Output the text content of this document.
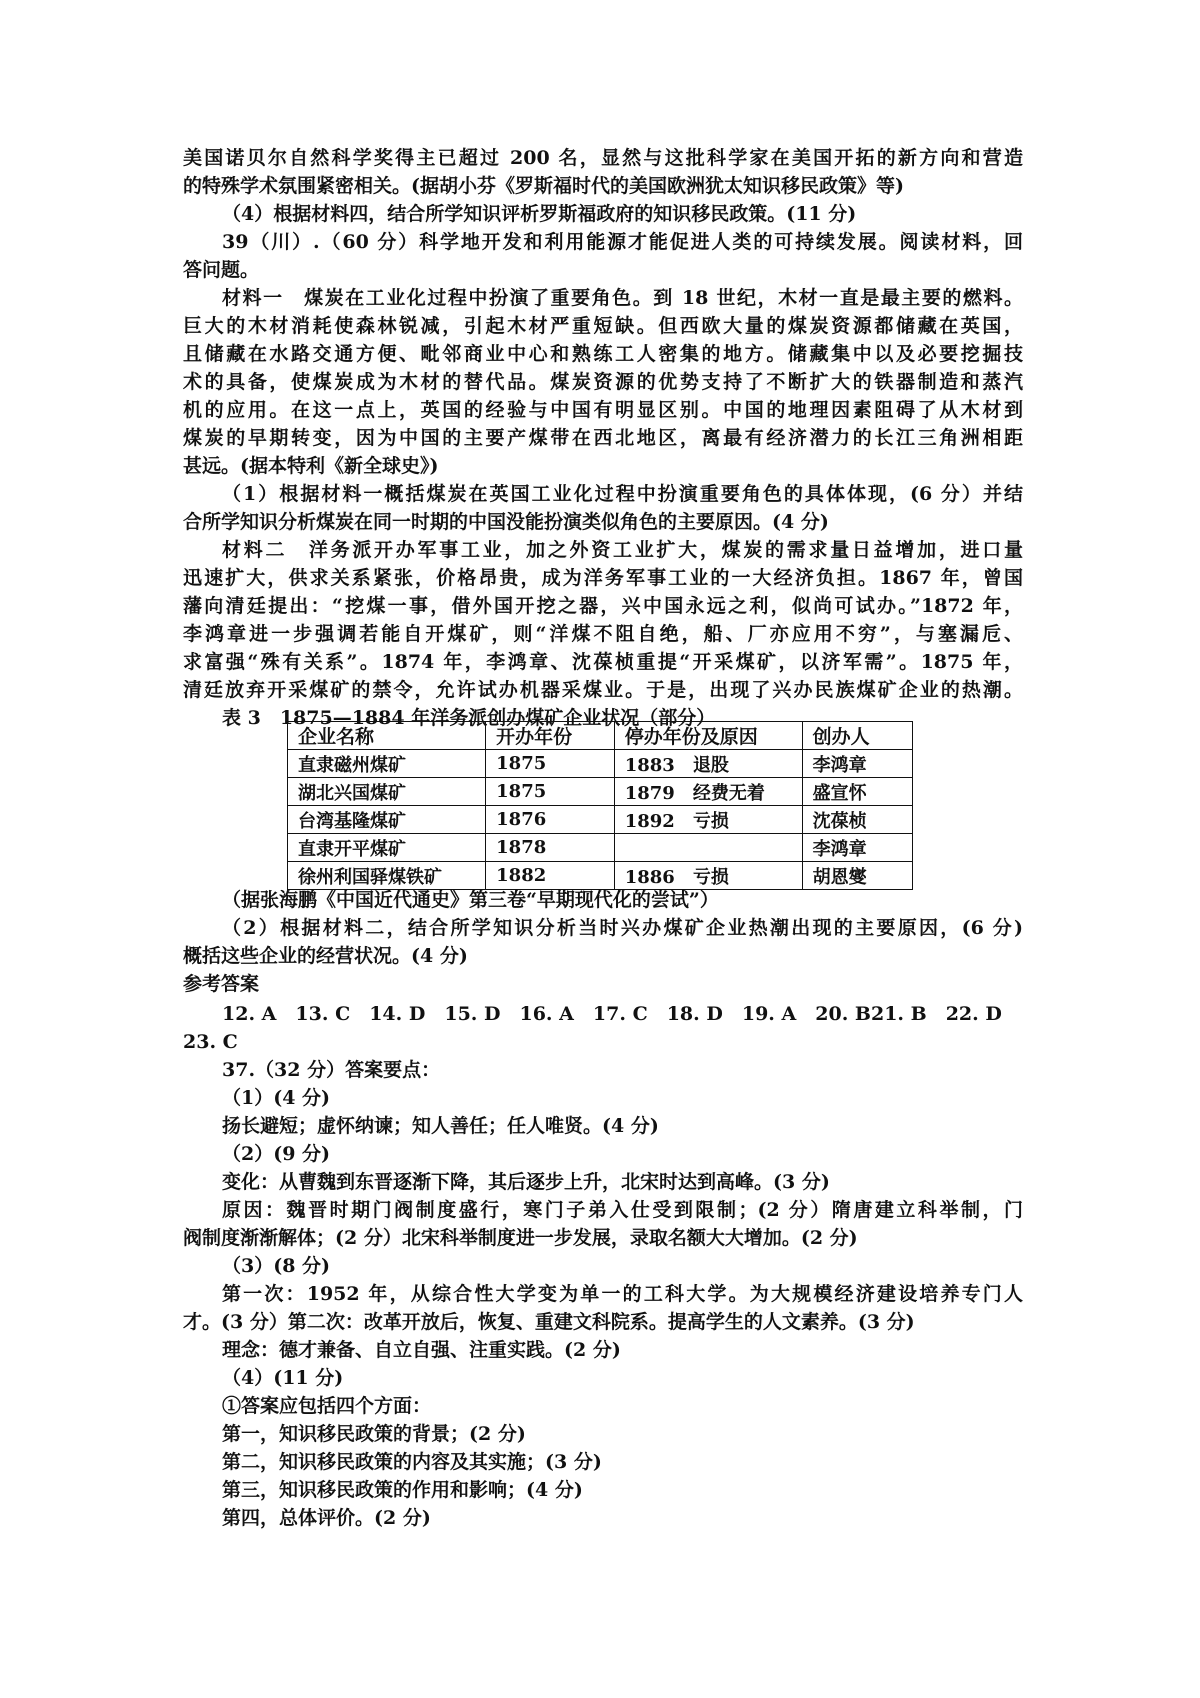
美国诺贝尔自然科学奖得主已超过 200 名，显然与这批科学家在美国开拓的新方向和营造
的特殊学术氛围紧密相关。(据胡小芬《罗斯福时代的美国欧洲犹太知识移民政策》等)
（4）根据材料四，结合所学知识评析罗斯福政府的知识移民政策。(11 分)
39（川）.（60 分）科学地开发和利用能源才能促进人类的可持续发展。阅读材料，回
答问题。
材料一　煤炭在工业化过程中扮演了重要角色。到 18 世纪，木材一直是最主要的燃料。
巨大的木材消耗使森林锐减，引起木材严重短缺。但西欧大量的煤炭资源都储藏在英国，
且储藏在水路交通方便、毗邻商业中心和熟练工人密集的地方。储藏集中以及必要挖掘技
术的具备，使煤炭成为木材的替代品。煤炭资源的优势支持了不断扩大的铁器制造和蒸汽
机的应用。在这一点上，英国的经验与中国有明显区别。中国的地理因素阻碍了从木材到
煤炭的早期转变，因为中国的主要产煤带在西北地区，离最有经济潜力的长江三角洲相距
甚远。(据本特利《新全球史》)
（1）根据材料一概括煤炭在英国工业化过程中扮演重要角色的具体体现，(6 分）并结
合所学知识分析煤炭在同一时期的中国没能扮演类似角色的主要原因。(4 分)
材料二　洋务派开办军事工业，加之外资工业扩大，煤炭的需求量日益增加，进口量
迅速扩大，供求关系紧张，价格昂贵，成为洋务军事工业的一大经济负担。1867 年，曾国
藩向清廷提出：“挖煤一事，借外国开挖之器，兴中国永远之利，似尚可试办。”1872 年，
李鸿章进一步强调若能自开煤矿，则“洋煤不阻自绝，船、厂亦应用不穷”，与塞漏卮、
求富强“殊有关系”。1874 年，李鸿章、沈葆桢重提“开采煤矿，以济军需”。1875 年，
清廷放弃开采煤矿的禁令，允许试办机器采煤业。于是，出现了兴办民族煤矿企业的热潮。
表 3　1875—1884 年洋务派创办煤矿企业状况（部分）
企业名称	开办年份	停办年份及原因	创办人
直隶磁州煤矿	1875	1883 退股	李鸿章
湖北兴国煤矿	1875	1879 经费无着	盛宣怀
台湾基隆煤矿	1876	1892 亏损	沈葆桢
直隶开平煤矿	1878		李鸿章
徐州利国驿煤铁矿	1882	1886 亏损	胡恩燮
（据张海鹏《中国近代通史》第三卷“早期现代化的尝试”）
（2）根据材料二，结合所学知识分析当时兴办煤矿企业热潮出现的主要原因，(6 分)
概括这些企业的经营状况。(4 分)
参考答案
12. A　13. C　14. D　15. D　16. A　17. C　18. D　19. A　20. B21. B　22. D
23. C
37.（32 分）答案要点：
（1）(4 分)
扬长避短；虚怀纳谏；知人善任；任人唯贤。(4 分)
（2）(9 分)
变化：从曹魏到东晋逐渐下降，其后逐步上升，北宋时达到高峰。(3 分)
原因：魏晋时期门阀制度盛行，寒门子弟入仕受到限制；(2 分）隋唐建立科举制，门
阀制度渐渐解体；(2 分）北宋科举制度进一步发展，录取名额大大增加。(2 分)
（3）(8 分)
第一次：1952 年，从综合性大学变为单一的工科大学。为大规模经济建设培养专门人
才。(3 分）第二次：改革开放后，恢复、重建文科院系。提高学生的人文素养。(3 分)
理念：德才兼备、自立自强、注重实践。(2 分)
（4）(11 分)
①答案应包括四个方面：
第一，知识移民政策的背景；(2 分)
第二，知识移民政策的内容及其实施；(3 分)
第三，知识移民政策的作用和影响；(4 分)
第四，总体评价。(2 分)
